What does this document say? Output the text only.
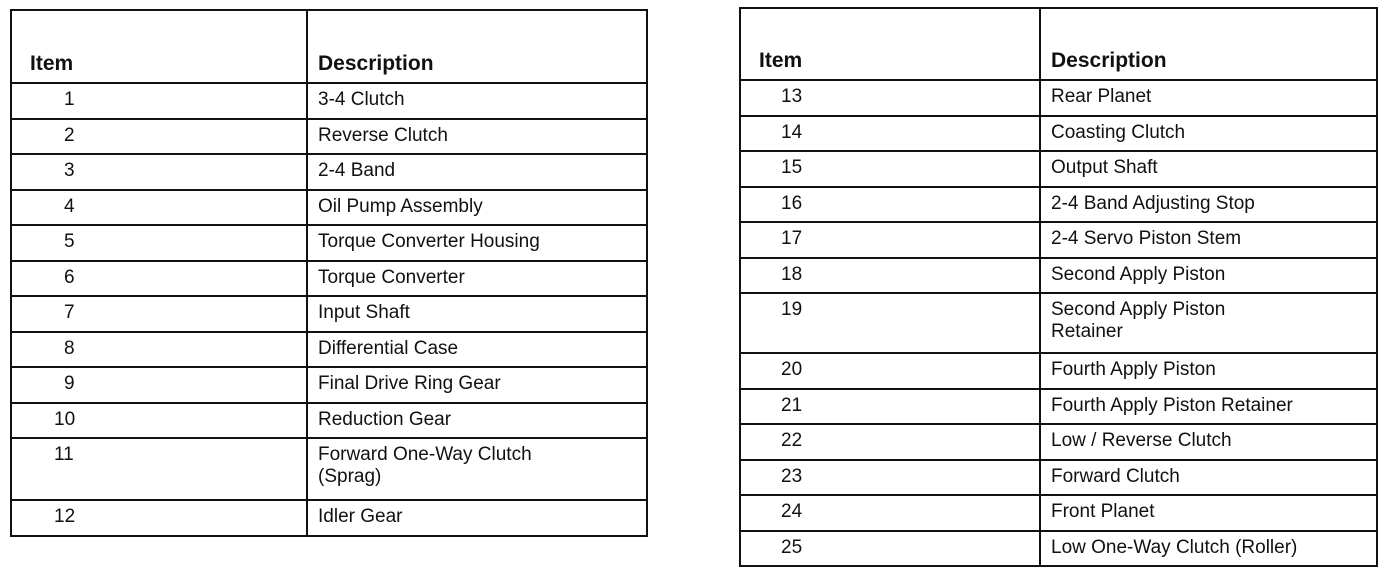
Item	Description
1	3-4 Clutch
2	Reverse Clutch
3	2-4 Band
4	Oil Pump Assembly
5	Torque Converter Housing
6	Torque Converter
7	Input Shaft
8	Differential Case
9	Final Drive Ring Gear
10	Reduction Gear
11	Forward One-Way Clutch
(Sprag)
12	Idler Gear
Item	Description
13	Rear Planet
14	Coasting Clutch
15	Output Shaft
16	2-4 Band Adjusting Stop
17	2-4 Servo Piston Stem
18	Second Apply Piston
19	Second Apply Piston
Retainer
20	Fourth Apply Piston
21	Fourth Apply Piston Retainer
22	Low / Reverse Clutch
23	Forward Clutch
24	Front Planet
25	Low One-Way Clutch (Roller)
